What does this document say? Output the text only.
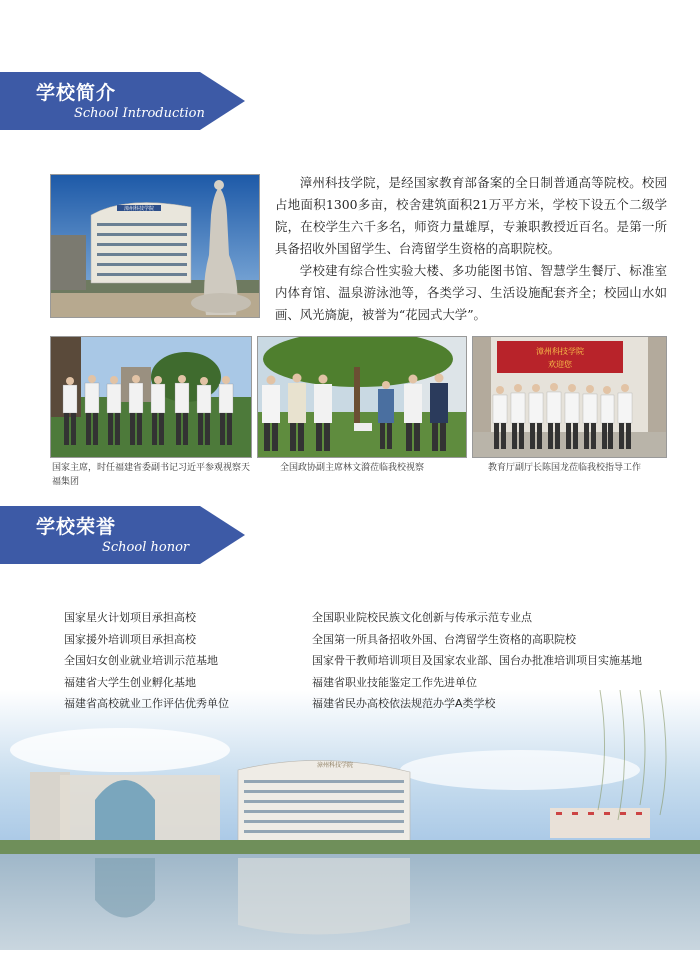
学校简介
School Introduction
漳州科技学院

漳州科技学院，是经国家教育部备案的全日制普通高等院校。校园占地面积1300多亩，校舍建筑面积21万平方米，学校下设五个二级学院，在校学生六千多名，师资力量雄厚，专兼职教授近百名。是第一所具备招收外国留学生、台湾留学生资格的高职院校。

学校建有综合性实验大楼、多功能图书馆、智慧学生餐厅、标准室内体育馆、温泉游泳池等，各类学习、生活设施配套齐全；校园山水如画、风光旖旎，被誉为“花园式大学”。

国家主席，时任福建省委副书记习近平参观视察天福集团
全国政协副主席林文漪莅临我校视察
漳州科技学院
欢迎您
教育厅副厅长陈国龙莅临我校指导工作
学校荣誉
School honor
漳州科技学院
国家星火计划项目承担高校
国家援外培训项目承担高校
全国妇女创业就业培训示范基地
福建省大学生创业孵化基地
福建省高校就业工作评估优秀单位
全国职业院校民族文化创新与传承示范专业点
全国第一所具备招收外国、台湾留学生资格的高职院校
国家骨干教师培训项目及国家农业部、国台办批准培训项目实施基地
福建省职业技能鉴定工作先进单位
福建省民办高校依法规范办学A类学校
